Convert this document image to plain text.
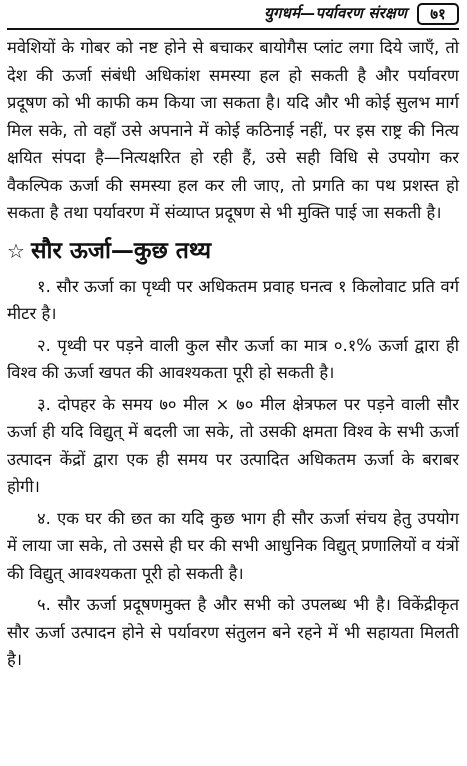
युगधर्म—पर्यावरण संरक्षण	७१

मवेशियों के गोबर को नष्ट होने से बचाकर बायोगैस प्लांट लगा दिये जाएँ, तो देश की ऊर्जा संबंधी अधिकांश समस्या हल हो सकती है और पर्यावरण प्रदूषण को भी काफी कम किया जा सकता है। यदि और भी कोई सुलभ मार्ग मिल सके, तो वहाँ उसे अपनाने में कोई कठिनाई नहीं, पर इस राष्ट्र की नित्य क्षयित संपदा है—नित्यक्षरित हो रही हैं, उसे सही विधि से उपयोग कर वैकल्पिक ऊर्जा की समस्या हल कर ली जाए, तो प्रगति का पथ प्रशस्त हो सकता है तथा पर्यावरण में संव्याप्त प्रदूषण से भी मुक्ति पाई जा सकती है।

☆ सौर ऊर्जा—कुछ तथ्य

१. सौर ऊर्जा का पृथ्वी पर अधिकतम प्रवाह घनत्व १ किलोवाट प्रति वर्ग मीटर है।

२. पृथ्वी पर पड़ने वाली कुल सौर ऊर्जा का मात्र ०.१% ऊर्जा द्वारा ही विश्व की ऊर्जा खपत की आवश्यकता पूरी हो सकती है।

३. दोपहर के समय ७० मील × ७० मील क्षेत्रफल पर पड़ने वाली सौर ऊर्जा ही यदि विद्युत् में बदली जा सके, तो उसकी क्षमता विश्व के सभी ऊर्जा उत्पादन केंद्रों द्वारा एक ही समय पर उत्पादित अधिकतम ऊर्जा के बराबर होगी।

४. एक घर की छत का यदि कुछ भाग ही सौर ऊर्जा संचय हेतु उपयोग में लाया जा सके, तो उससे ही घर की सभी आधुनिक विद्युत् प्रणालियों व यंत्रों की विद्युत् आवश्यकता पूरी हो सकती है।

५. सौर ऊर्जा प्रदूषणमुक्त है और सभी को उपलब्ध भी है। विकेंद्रीकृत सौर ऊर्जा उत्पादन होने से पर्यावरण संतुलन बने रहने में भी सहायता मिलती है।
